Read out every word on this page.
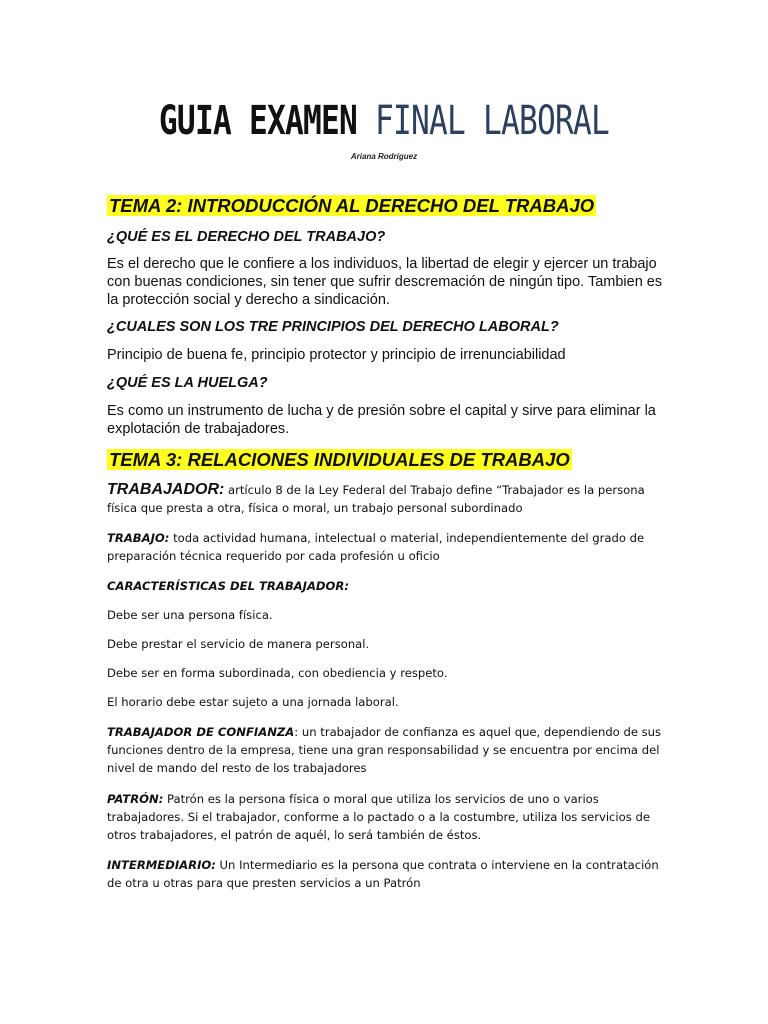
GUIA EXAMEN FINAL LABORAL
Ariana Rodríguez
TEMA 2: INTRODUCCIÓN AL DERECHO DEL TRABAJO
¿QUÉ ES EL DERECHO DEL TRABAJO?
Es el derecho que le confiere a los individuos, la libertad de elegir y ejercer un trabajo con buenas condiciones, sin tener que sufrir descremación de ningún tipo. Tambien es la protección social y derecho a sindicación.
¿CUALES SON LOS TRE PRINCIPIOS DEL DERECHO LABORAL?
Principio de buena fe, principio protector y principio de irrenunciabilidad
¿QUÉ ES LA HUELGA?
Es como un instrumento de lucha y de presión sobre el capital y sirve para eliminar la explotación de trabajadores.
TEMA 3: RELACIONES INDIVIDUALES DE TRABAJO
TRABAJADOR: artículo 8 de la Ley Federal del Trabajo define “Trabajador es la persona física que presta a otra, física o moral, un trabajo personal subordinado
TRABAJO: toda actividad humana, intelectual o material, independientemente del grado de preparación técnica requerido por cada profesión u oficio
CARACTERÍSTICAS DEL TRABAJADOR:
Debe ser una persona física.
Debe prestar el servicio de manera personal.
Debe ser en forma subordinada, con obediencia y respeto.
El horario debe estar sujeto a una jornada laboral.
TRABAJADOR DE CONFIANZA: un trabajador de confianza es aquel que, dependiendo de sus funciones dentro de la empresa, tiene una gran responsabilidad y se encuentra por encima del nivel de mando del resto de los trabajadores
PATRÓN: Patrón es la persona física o moral que utiliza los servicios de uno o varios trabajadores. Si el trabajador, conforme a lo pactado o a la costumbre, utiliza los servicios de otros trabajadores, el patrón de aquél, lo será también de éstos.
INTERMEDIARIO: Un Intermediario es la persona que contrata o interviene en la contratación de otra u otras para que presten servicios a un Patrón
